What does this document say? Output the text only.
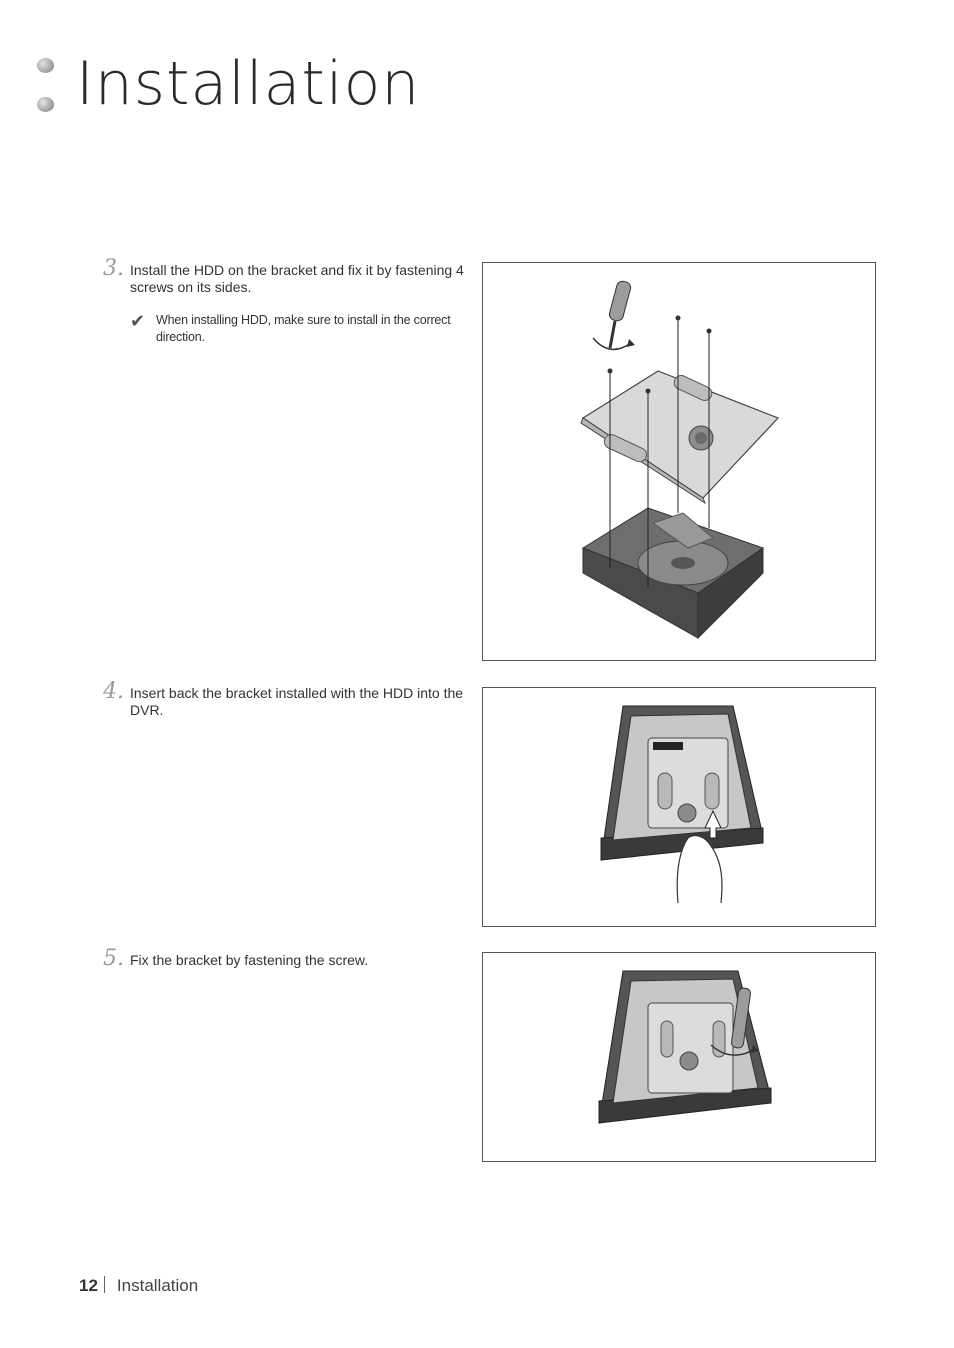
Installation
3. Install the HDD on the bracket and fix it by fastening 4 screws on its sides.
✔ When installing HDD, make sure to install in the correct direction.
4. Insert back the bracket installed with the HDD into the DVR.
5. Fix the bracket by fastening the screw.
12 Installation
